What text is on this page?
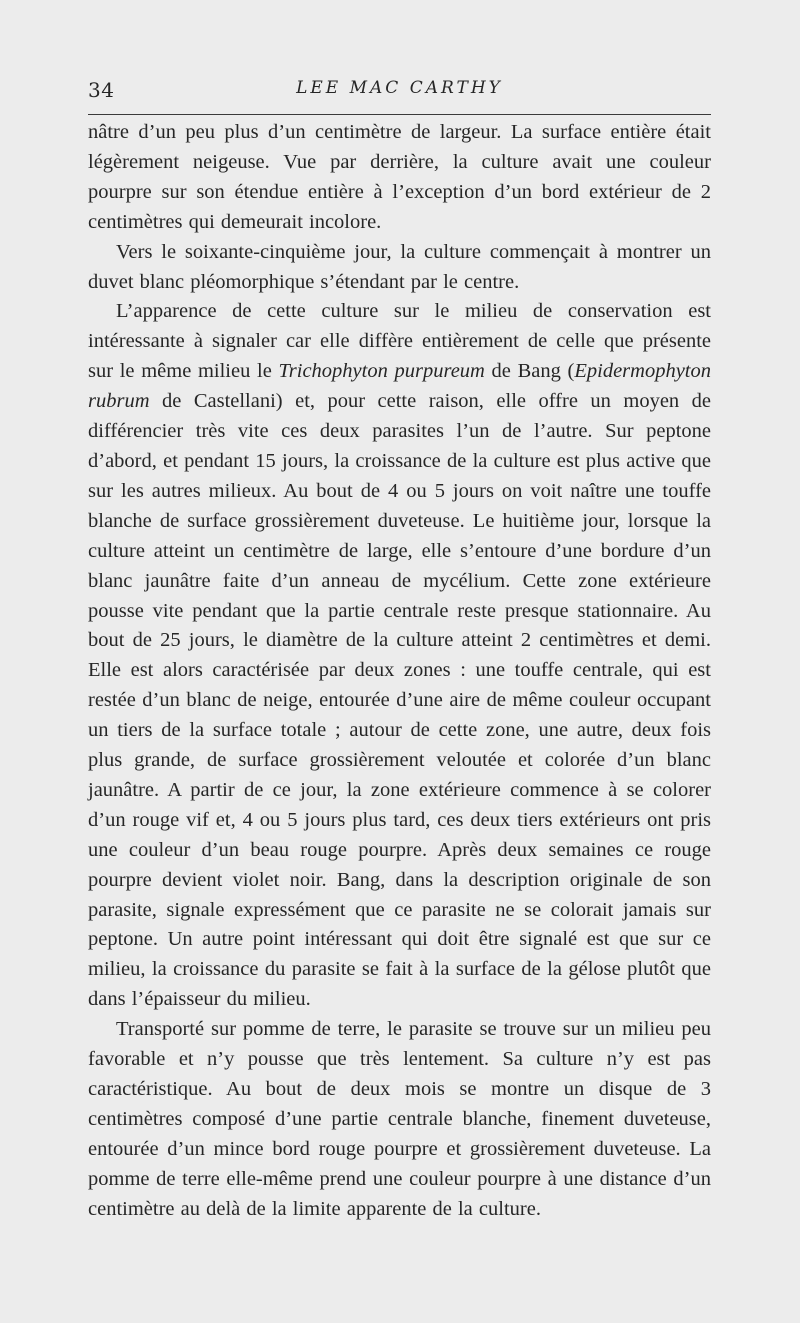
34	LEE MAC CARTHY

nâtre d’un peu plus d’un centimètre de largeur. La surface entière était légèrement neigeuse. Vue par derrière, la culture avait une couleur pourpre sur son étendue entière à l’exception d’un bord extérieur de 2 centimètres qui demeurait incolore.

Vers le soixante-cinquième jour, la culture commençait à montrer un duvet blanc pléomorphique s’étendant par le centre.

L’apparence de cette culture sur le milieu de conservation est intéressante à signaler car elle diffère entièrement de celle que présente sur le même milieu le Trichophyton purpureum de Bang (Epidermophyton rubrum de Castellani) et, pour cette raison, elle offre un moyen de différencier très vite ces deux parasites l’un de l’autre. Sur peptone d’abord, et pendant 15 jours, la croissance de la culture est plus active que sur les autres milieux. Au bout de 4 ou 5 jours on voit naître une touffe blanche de surface grossièrement duveteuse. Le huitième jour, lorsque la culture atteint un centimètre de large, elle s’entoure d’une bordure d’un blanc jaunâtre faite d’un anneau de mycélium. Cette zone extérieure pousse vite pendant que la partie centrale reste presque stationnaire. Au bout de 25 jours, le diamètre de la culture atteint 2 centimètres et demi. Elle est alors caractérisée par deux zones : une touffe centrale, qui est restée d’un blanc de neige, entourée d’une aire de même couleur occupant un tiers de la surface totale ; autour de cette zone, une autre, deux fois plus grande, de surface grossièrement veloutée et colorée d’un blanc jaunâtre. A partir de ce jour, la zone extérieure commence à se colorer d’un rouge vif et, 4 ou 5 jours plus tard, ces deux tiers extérieurs ont pris une couleur d’un beau rouge pourpre. Après deux semaines ce rouge pourpre devient violet noir. Bang, dans la description originale de son parasite, signale expressément que ce parasite ne se colorait jamais sur peptone. Un autre point intéressant qui doit être signalé est que sur ce milieu, la croissance du parasite se fait à la surface de la gélose plutôt que dans l’épaisseur du milieu.

Transporté sur pomme de terre, le parasite se trouve sur un milieu peu favorable et n’y pousse que très lentement. Sa culture n’y est pas caractéristique. Au bout de deux mois se montre un disque de 3 centimètres composé d’une partie centrale blanche, finement duveteuse, entourée d’un mince bord rouge pourpre et grossièrement duveteuse. La pomme de terre elle-même prend une couleur pourpre à une distance d’un centimètre au delà de la limite apparente de la culture.
